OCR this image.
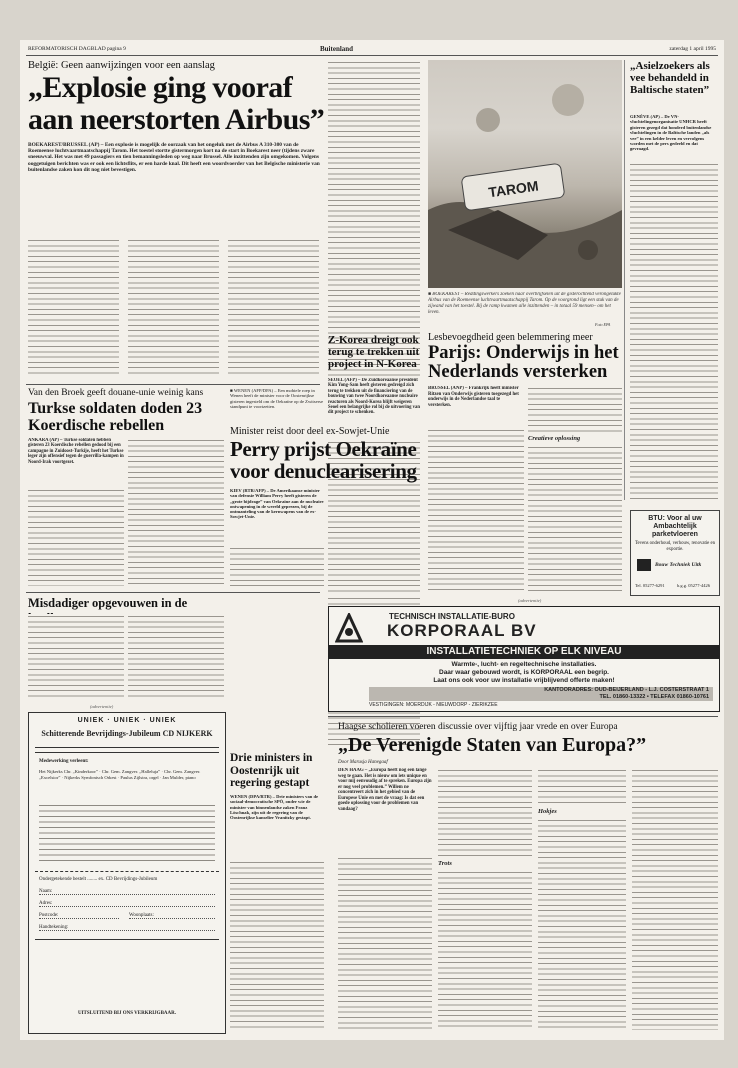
REFORMATORISCH DAGBLAD pagina 9	Buitenland	zaterdag 1 april 1995
België: Geen aanwijzingen voor een aanslag
„Explosie ging vooraf
aan neerstorten Airbus”
BOEKAREST/BRUSSEL (AP) – Een explosie is mogelijk de oorzaak van het ongeluk met de Airbus A 310-300 van de Roemeense luchtvaartmaatschappij Tarom. Het toestel stortte gistermorgen kort na de start in Boekarest neer (tijdens zware sneeuwval. Het was met 49 passagiers en tien bemanningsleden op weg naar Brussel. Alle inzittenden zijn omgekomen. Volgens ooggetuigen berichten was er ook een lichtsflits, er een harde knal. Dit heeft een woordvoerder van het Belgische ministerie van buitenlandse zaken kon dit nog niet bevestigen.
TAROM
■ BOEKAREST – Reddingswerkers zoeken naar overblijfselen uit de gisterochtend verongelukte Airbus van de Roemeense luchtvaartmaatschappij Tarom. Op de voorgrond ligt een stuk van de zijwand van het toestel. Bij de ramp kwamen alle inzittenden – in totaal 59 mensen– om het leven.
Foto EPA
„Asielzoekers als vee behandeld in Baltische staten”
GENÈVE (AP) – De VN-vluchtelingenorganisatie UNHCR heeft gisteren gezegd dat honderd buitenlandse vluchtelingen in de Baltische landen „als vee” in een kelder leven en vervolgens worden met de pers gedeeld en dat gevraagd.
Z-Korea dreigt ook terug te trekken uit project in N-Korea
SEOEL (AFP) – De Zuidkoreaanse president Kim Yong-Sam heeft gisteren gedreigd zich terug te trekken uit de financiering van de bouwing van twee Noordkoreaanse nucleaire reactoren als Noord-Korea blijft weigeren Seoel een belangrijke rol bij de uitvoering van dit project te schenken.
Lesbevoegdheid geen belemmering meer
Parijs: Onderwijs in het Nederlands versterken
BRUSSEL (ANP) – Frankrijk heeft minister Ritzen van Onderwijs gisteren toegezegd het onderwijs in de Nederlandse taal te versterken.
Creatieve oplossing
Van den Broek geeft douane-unie weinig kans
Turkse soldaten doden 23 Koerdische rebellen
ANKARA (AP) – Turkse soldaten hebben gisteren 23 Koerdische rebellen gedood bij een campagne in Zuidoost-Turkije, heeft het Turkse leger zijn offensief tegen de guerrilla-kampen in Noord-Irak voortgezet.
■ WENEN (AFP/DPA) – Een mobiele roep in Wenen heeft de minister voor de Oostenrijkse gisteren ingesteld om de Oekraïne op de Zwitserse standpunt te voortzetten.
Minister reist door deel ex-Sowjet-Unie
Perry prijst Oekraïne
voor denuclearisering
KIEV (RTR/AFP) – De Amerikaanse minister van defensie William Perry heeft gisteren de „grote bijdrage” van Oekraïne aan de nucleaire ontwapening in de wereld geprezen, bij de ontmanteling van de kernwapens van de ex-Sowjet-Unie.
Misdadiger opgevouwen in de
Drie ministers in Oostenrijk uit regering gestapt
WENEN (DPA/RTR) – Drie ministers van de sociaal-democratische SPÖ, onder wie de minister van binnenlandse zaken Franz Löschnak, zijn uit de regering van de Oostenrijkse kanselier Vranitzky gestapt.
(advertentie)
UNIEK · UNIEK · UNIEK
Schitterende Bevrijdings-Jubileum CD NIJKERK
Medewerking verleent:
Het Nijkerks Chr. „Kinderkoor” · Chr. Gem. Zangver. „Halleluja” · Chr. Gem. Zangver. „Excelsior” · Nijkerks Symfonisch Orkest · Paulus Zijlstra, orgel · Jan Mulder, piano
Ondergetekende bestelt ........ ex. CD Bevrijdings-Jubileum
Naam:
Adres:
Postcode:	Woonplaats:
Handtekening:
UITSLUITEND BIJ ONS VERKRIJGBAAR.
BTU: Voor al uw Ambachtelijk parketvloeren
Tevens onderhoud, verhouw, renovatie en exportie.
Bouw Techniek Uitk
Tel. 05277-6291	b.g.g. 05277-4426
(advertentie)
TECHNISCH INSTALLATIE-BURO
KORPORAAL BV
INSTALLATIETECHNIEK OP ELK NIVEAU
Warmte-, lucht- en regeltechnische installaties.
Daar waar gebouwd wordt, is KORPORAAL een begrip.
Laat ons ook voor uw installatie vrijblijvend offerte maken!
KANTOORADRES: OUD-BEIJERLAND - L.J. COSTERSTRAAT 1
TEL. 01860-13322 • TELEFAX 01860-10761
VESTIGINGEN: MOERDIJK - NIEUWDORP - ZIERIKZEE
Haagse scholieren voeren discussie over vijftig jaar vrede en over Europa
„De Verenigde Staten van Europa?”
Door Marusja Hanegaaf
DEN HAAG – „Europa heeft nog een lange weg te gaan. Het is nieuw om iets unique en voor mij eenvoudig af te spreken. Europa zijn er nog veel problemen.” Willem ne concentreert zich in het gebied van de Europese Unie en met de vraag: Is dat een goede oplossing voor de problemen van vandaag?
Trots
Hokjes
